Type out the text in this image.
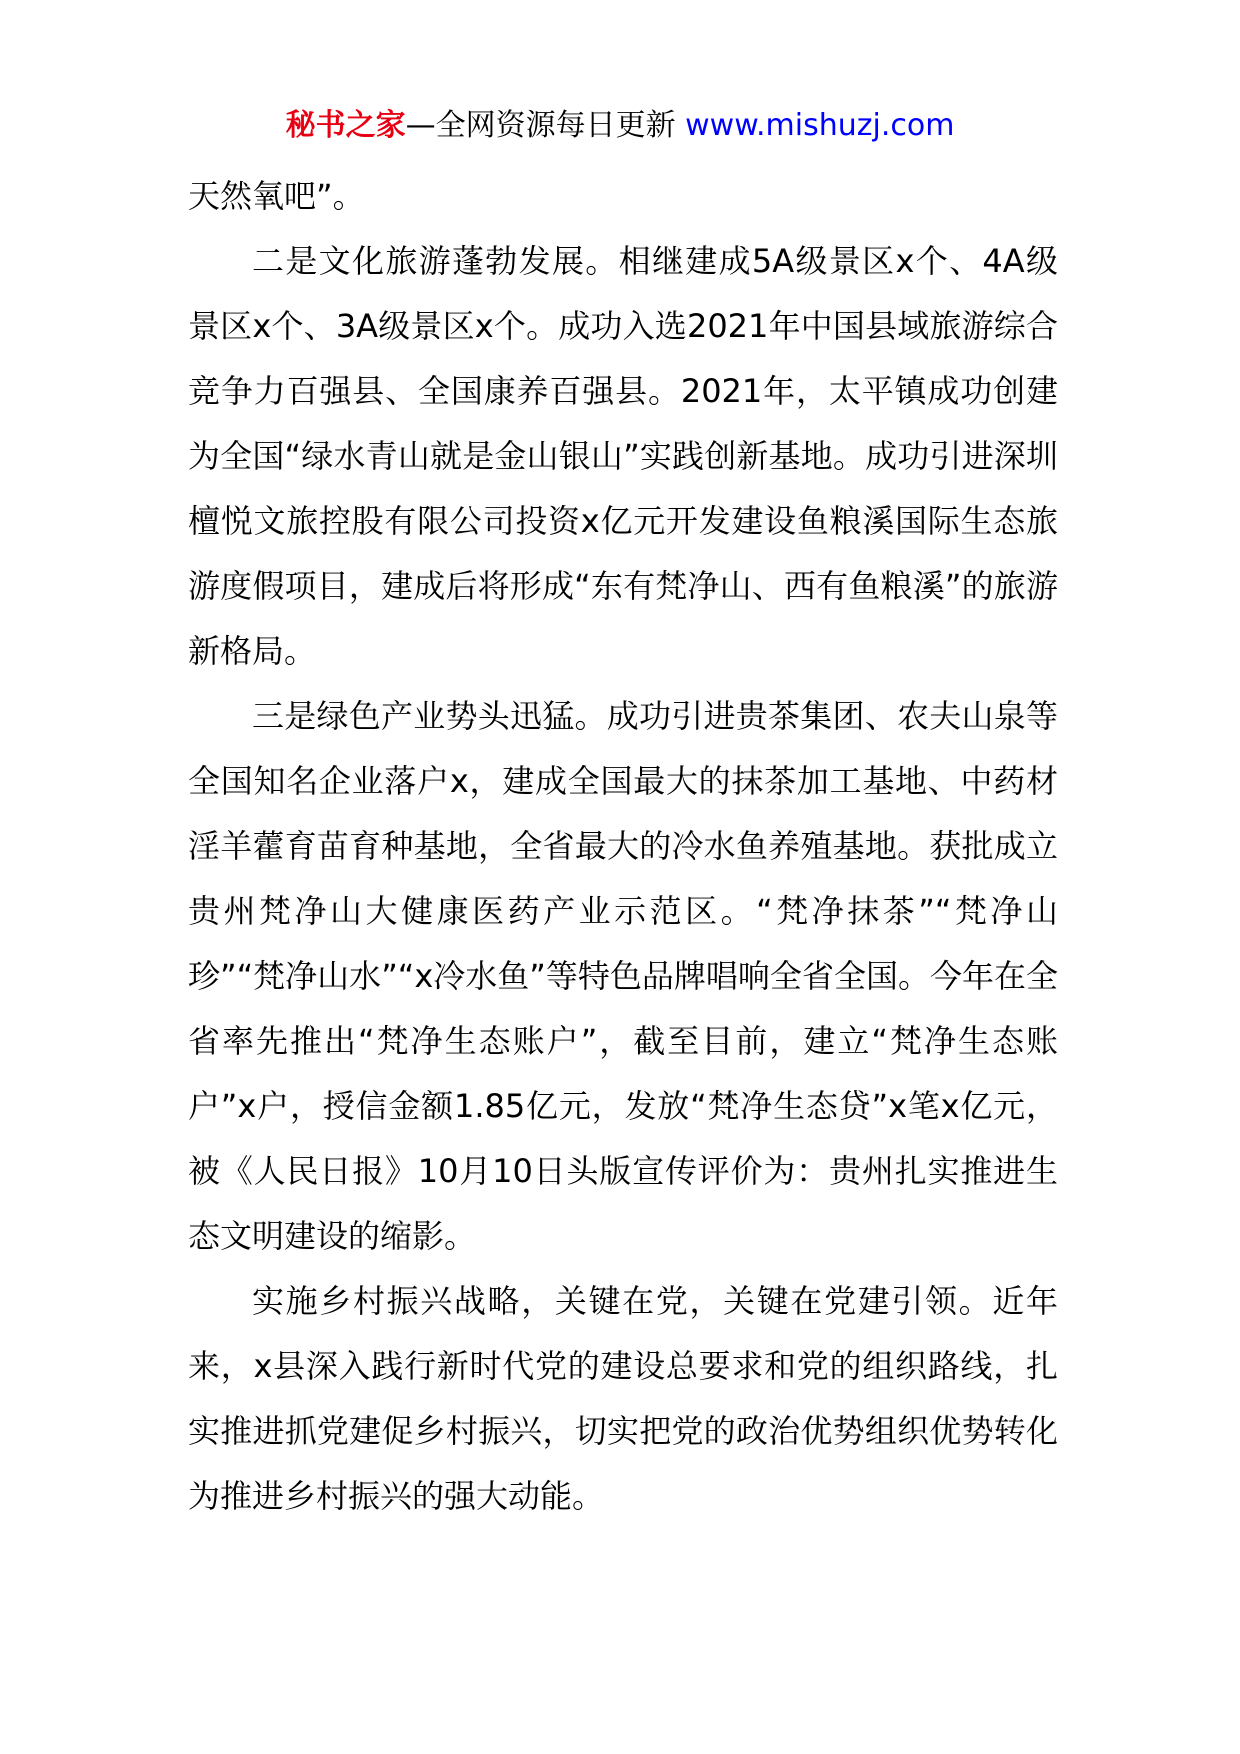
秘书之家—全网资源每日更新 www.mishuzj.com

天然氧吧”。

二是文化旅游蓬勃发展。相继建成5A级景区x个、4A级景区x个、3A级景区x个。成功入选2021年中国县域旅游综合竞争力百强县、全国康养百强县。2021年，太平镇成功创建为全国“绿水青山就是金山银山”实践创新基地。成功引进深圳檀悦文旅控股有限公司投资x亿元开发建设鱼粮溪国际生态旅游度假项目，建成后将形成“东有梵净山、西有鱼粮溪”的旅游新格局。

三是绿色产业势头迅猛。成功引进贵茶集团、农夫山泉等全国知名企业落户x，建成全国最大的抹茶加工基地、中药材淫羊藿育苗育种基地，全省最大的冷水鱼养殖基地。获批成立贵州梵净山大健康医药产业示范区。“梵净抹茶”“梵净山珍”“梵净山水”“x冷水鱼”等特色品牌唱响全省全国。今年在全省率先推出“梵净生态账户”，截至目前，建立“梵净生态账户”x户，授信金额1.85亿元，发放“梵净生态贷”x笔x亿元，被《人民日报》10月10日头版宣传评价为：贵州扎实推进生态文明建设的缩影。

实施乡村振兴战略，关键在党，关键在党建引领。近年来，x县深入践行新时代党的建设总要求和党的组织路线，扎实推进抓党建促乡村振兴，切实把党的政治优势组织优势转化为推进乡村振兴的强大动能。
